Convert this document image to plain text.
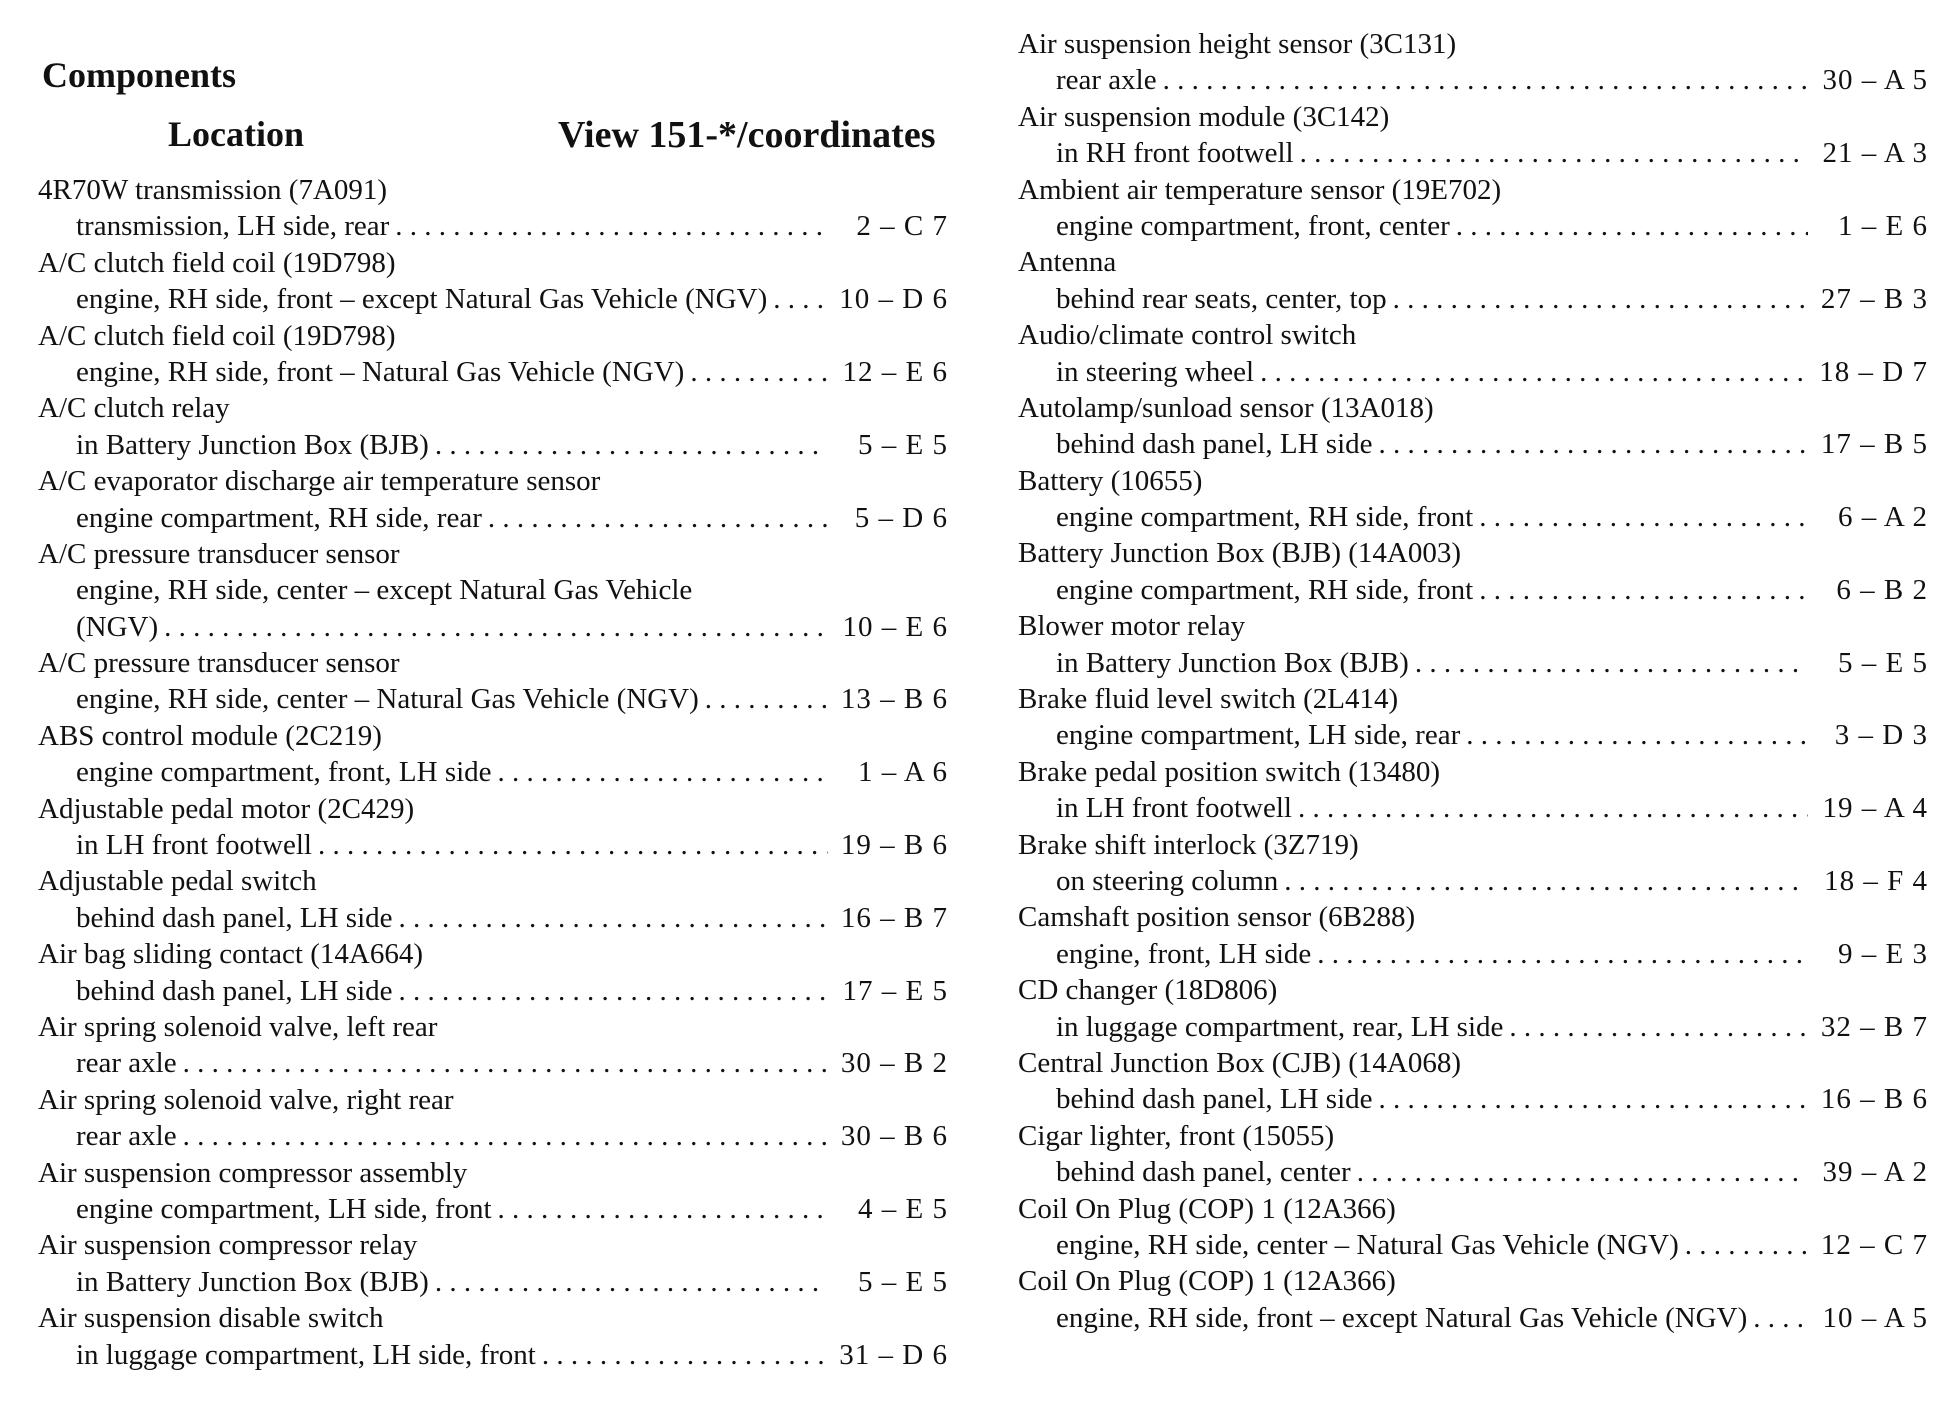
Components
Location	View 151-*/coordinates
4R70W transmission (7A091)
transmission, LH side, rear . . .	2 – C 7
A/C clutch field coil (19D798)
engine, RH side, front – except Natural Gas Vehicle (NGV) . . . 10 – D 6
A/C clutch field coil (19D798)
engine, RH side, front – Natural Gas Vehicle (NGV) . . .	12 – E 6
A/C clutch relay
in Battery Junction Box (BJB) . . .	5 – E 5
A/C evaporator discharge air temperature sensor
engine compartment, RH side, rear . . .	5 – D 6
A/C pressure transducer sensor
engine, RH side, center – except Natural Gas Vehicle
(NGV) . . .	10 – E 6
A/C pressure transducer sensor
engine, RH side, center – Natural Gas Vehicle (NGV) . . .	13 – B 6
ABS control module (2C219)
engine compartment, front, LH side . . .	1 – A 6
Adjustable pedal motor (2C429)
in LH front footwell . . .	19 – B 6
Adjustable pedal switch
behind dash panel, LH side . . .	16 – B 7
Air bag sliding contact (14A664)
behind dash panel, LH side . . .	17 – E 5
Air spring solenoid valve, left rear
rear axle . . .	30 – B 2
Air spring solenoid valve, right rear
rear axle . . .	30 – B 6
Air suspension compressor assembly
engine compartment, LH side, front . . .	4 – E 5
Air suspension compressor relay
in Battery Junction Box (BJB) . . .	5 – E 5
Air suspension disable switch
in luggage compartment, LH side, front . . .	31 – D 6
Air suspension height sensor (3C131)
rear axle . . .	30 – A 5
Air suspension module (3C142)
in RH front footwell . . .	21 – A 3
Ambient air temperature sensor (19E702)
engine compartment, front, center . . .	1 – E 6
Antenna
behind rear seats, center, top . . .	27 – B 3
Audio/climate control switch
in steering wheel . . .	18 – D 7
Autolamp/sunload sensor (13A018)
behind dash panel, LH side . . .	17 – B 5
Battery (10655)
engine compartment, RH side, front . . .	6 – A 2
Battery Junction Box (BJB) (14A003)
engine compartment, RH side, front . . .	6 – B 2
Blower motor relay
in Battery Junction Box (BJB) . . .	5 – E 5
Brake fluid level switch (2L414)
engine compartment, LH side, rear . . .	3 – D 3
Brake pedal position switch (13480)
in LH front footwell . . .	19 – A 4
Brake shift interlock (3Z719)
on steering column . . .	18 – F 4
Camshaft position sensor (6B288)
engine, front, LH side . . .	9 – E 3
CD changer (18D806)
in luggage compartment, rear, LH side . . .	32 – B 7
Central Junction Box (CJB) (14A068)
behind dash panel, LH side . . .	16 – B 6
Cigar lighter, front (15055)
behind dash panel, center . . .	39 – A 2
Coil On Plug (COP) 1 (12A366)
engine, RH side, center – Natural Gas Vehicle (NGV) . . .	12 – C 7
Coil On Plug (COP) 1 (12A366)
engine, RH side, front – except Natural Gas Vehicle (NGV) . . .	10 – A 5
